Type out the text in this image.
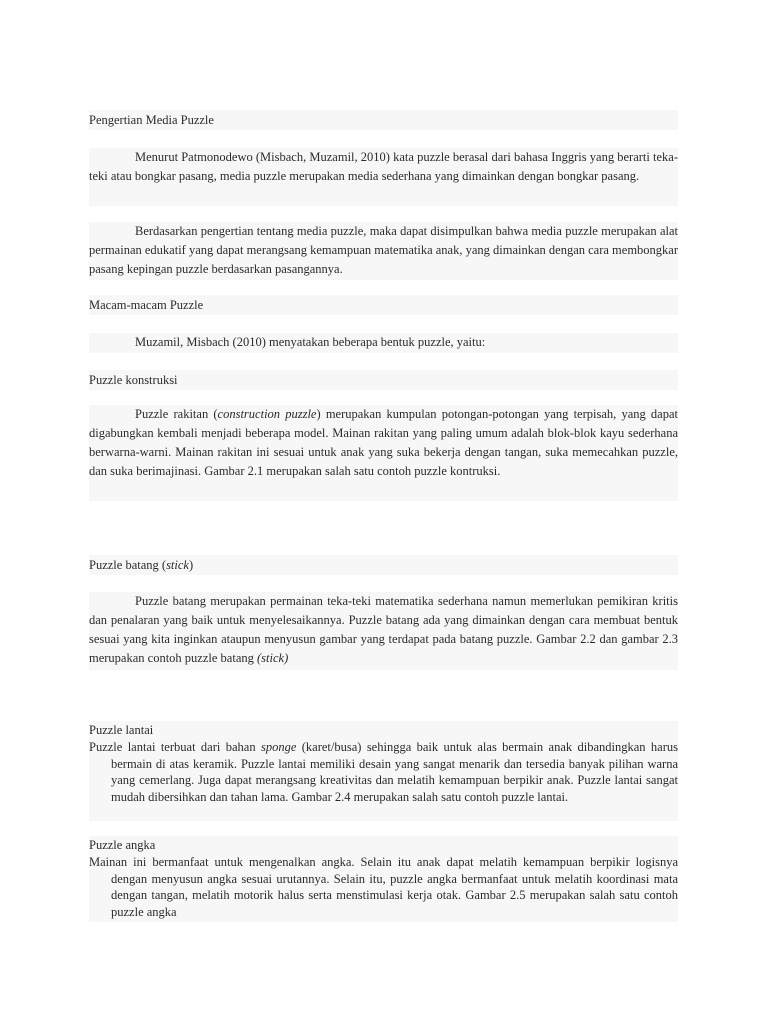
Pengertian Media Puzzle

Menurut Patmonodewo (Misbach, Muzamil, 2010) kata puzzle berasal dari bahasa Inggris yang berarti teka-teki atau bongkar pasang, media puzzle merupakan media sederhana yang dimainkan dengan bongkar pasang.

Berdasarkan pengertian tentang media puzzle, maka dapat disimpulkan bahwa media puzzle merupakan alat permainan edukatif yang dapat merangsang kemampuan matematika anak, yang dimainkan dengan cara membongkar pasang kepingan puzzle berdasarkan pasangannya.

Macam-macam Puzzle

Muzamil, Misbach (2010) menyatakan beberapa bentuk puzzle, yaitu:

Puzzle konstruksi

Puzzle rakitan (construction puzzle) merupakan kumpulan potongan-potongan yang terpisah, yang dapat digabungkan kembali menjadi beberapa model. Mainan rakitan yang paling umum adalah blok-blok kayu sederhana berwarna-warni. Mainan rakitan ini sesuai untuk anak yang suka bekerja dengan tangan, suka memecahkan puzzle, dan suka berimajinasi. Gambar 2.1 merupakan salah satu contoh puzzle kontruksi.

Puzzle batang (stick)

Puzzle batang merupakan permainan teka-teki matematika sederhana namun memerlukan pemikiran kritis dan penalaran yang baik untuk menyelesaikannya. Puzzle batang ada yang dimainkan dengan cara membuat bentuk sesuai yang kita inginkan ataupun menyusun gambar yang terdapat pada batang puzzle. Gambar 2.2 dan gambar 2.3 merupakan contoh puzzle batang (stick)

Puzzle lantai

Puzzle lantai terbuat dari bahan sponge (karet/busa) sehingga baik untuk alas bermain anak dibandingkan harus bermain di atas keramik. Puzzle lantai memiliki desain yang sangat menarik dan tersedia banyak pilihan warna yang cemerlang. Juga dapat merangsang kreativitas dan melatih kemampuan berpikir anak. Puzzle lantai sangat mudah dibersihkan dan tahan lama. Gambar 2.4 merupakan salah satu contoh puzzle lantai.

Puzzle angka

Mainan ini bermanfaat untuk mengenalkan angka. Selain itu anak dapat melatih kemampuan berpikir logisnya dengan menyusun angka sesuai urutannya. Selain itu, puzzle angka bermanfaat untuk melatih koordinasi mata dengan tangan, melatih motorik halus serta menstimulasi kerja otak. Gambar 2.5 merupakan salah satu contoh puzzle angka
